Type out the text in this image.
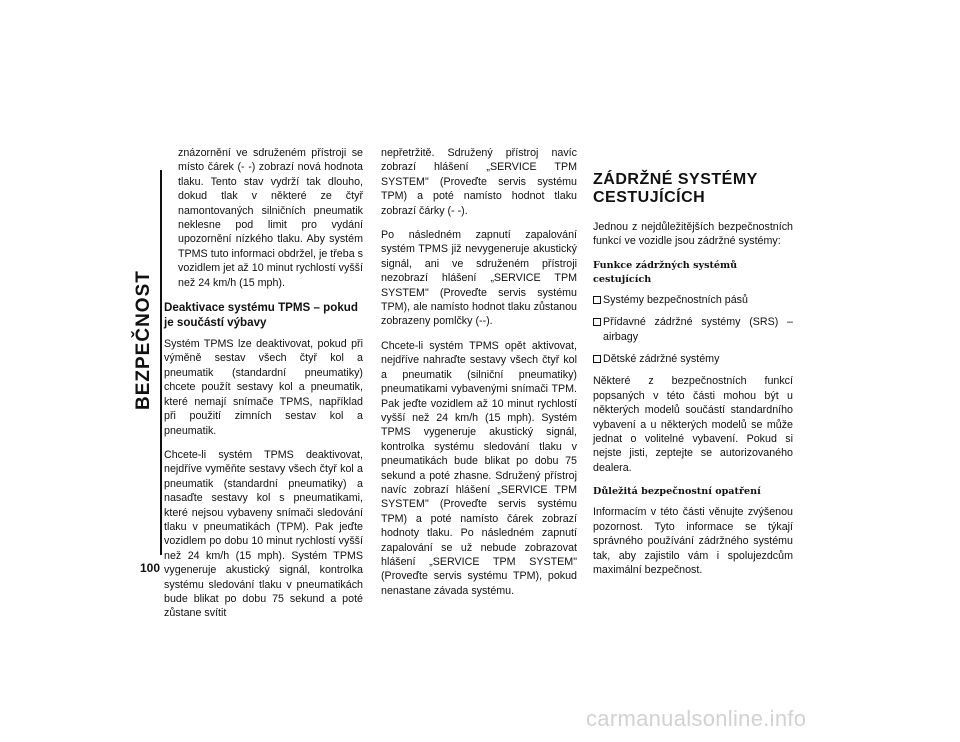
BEZPEČNOST
100

znázornění ve sdruženém přístroji se místo čárek (- -) zobrazí nová hodnota tlaku. Tento stav vydrží tak dlouho, dokud tlak v některé ze čtyř namontovaných silničních pneumatik neklesne pod limit pro vydání upozornění nízkého tlaku. Aby systém TPMS tuto informaci obdržel, je třeba s vozidlem jet až 10 minut rychlostí vyšší než 24 km/h (15 mph).

Deaktivace systému TPMS – pokud je součástí výbavy

Systém TPMS lze deaktivovat, pokud při výměně sestav všech čtyř kol a pneumatik (standardní pneumatiky) chcete použít sestavy kol a pneumatik, které nemají snímače TPMS, například při použití zimních sestav kol a pneumatik.

Chcete-li systém TPMS deaktivovat, nejdříve vyměňte sestavy všech čtyř kol a pneumatik (standardní pneumatiky) a nasaďte sestavy kol s pneumatikami, které nejsou vybaveny snímači sledování tlaku v pneumatikách (TPM). Pak jeďte vozidlem po dobu 10 minut rychlostí vyšší než 24 km/h (15 mph). Systém TPMS vygeneruje akustický signál, kontrolka systému sledování tlaku v pneumatikách bude blikat po dobu 75 sekund a poté zůstane svítit

nepřetržitě. Sdružený přístroj navíc zobrazí hlášení „SERVICE TPM SYSTEM" (Proveďte servis systému TPM) a poté namísto hodnot tlaku zobrazí čárky (- -).

Po následném zapnutí zapalování systém TPMS již nevygeneruje akustický signál, ani ve sdruženém přístroji nezobrazí hlášení „SERVICE TPM SYSTEM" (Proveďte servis systému TPM), ale namísto hodnot tlaku zůstanou zobrazeny pomlčky (--).

Chcete-li systém TPMS opět aktivovat, nejdříve nahraďte sestavy všech čtyř kol a pneumatik (silniční pneumatiky) pneumatikami vybavenými snímači TPM. Pak jeďte vozidlem až 10 minut rychlostí vyšší než 24 km/h (15 mph). Systém TPMS vygeneruje akustický signál, kontrolka systému sledování tlaku v pneumatikách bude blikat po dobu 75 sekund a poté zhasne. Sdružený přístroj navíc zobrazí hlášení „SERVICE TPM SYSTEM" (Proveďte servis systému TPM) a poté namísto čárek zobrazí hodnoty tlaku. Po následném zapnutí zapalování se už nebude zobrazovat hlášení „SERVICE TPM SYSTEM" (Proveďte servis systému TPM), pokud nenastane závada systému.

ZÁDRŽNÉ SYSTÉMY CESTUJÍCÍCH

Jednou z nejdůležitějších bezpečnostních funkcí ve vozidle jsou zádržné systémy:

Funkce zádržných systémů cestujících
Systémy bezpečnostních pásů
Přídavné zádržné systémy (SRS) – airbagy
Dětské zádržné systémy

Některé z bezpečnostních funkcí popsaných v této části mohou být u některých modelů součástí standardního vybavení a u některých modelů se může jednat o volitelné vybavení. Pokud si nejste jisti, zeptejte se autorizovaného dealera.

Důležitá bezpečnostní opatření

Informacím v této části věnujte zvýšenou pozornost. Tyto informace se týkají správného používání zádržného systému tak, aby zajistilo vám i spolujezdcům maximální bezpečnost.

carmanualsonline.info
